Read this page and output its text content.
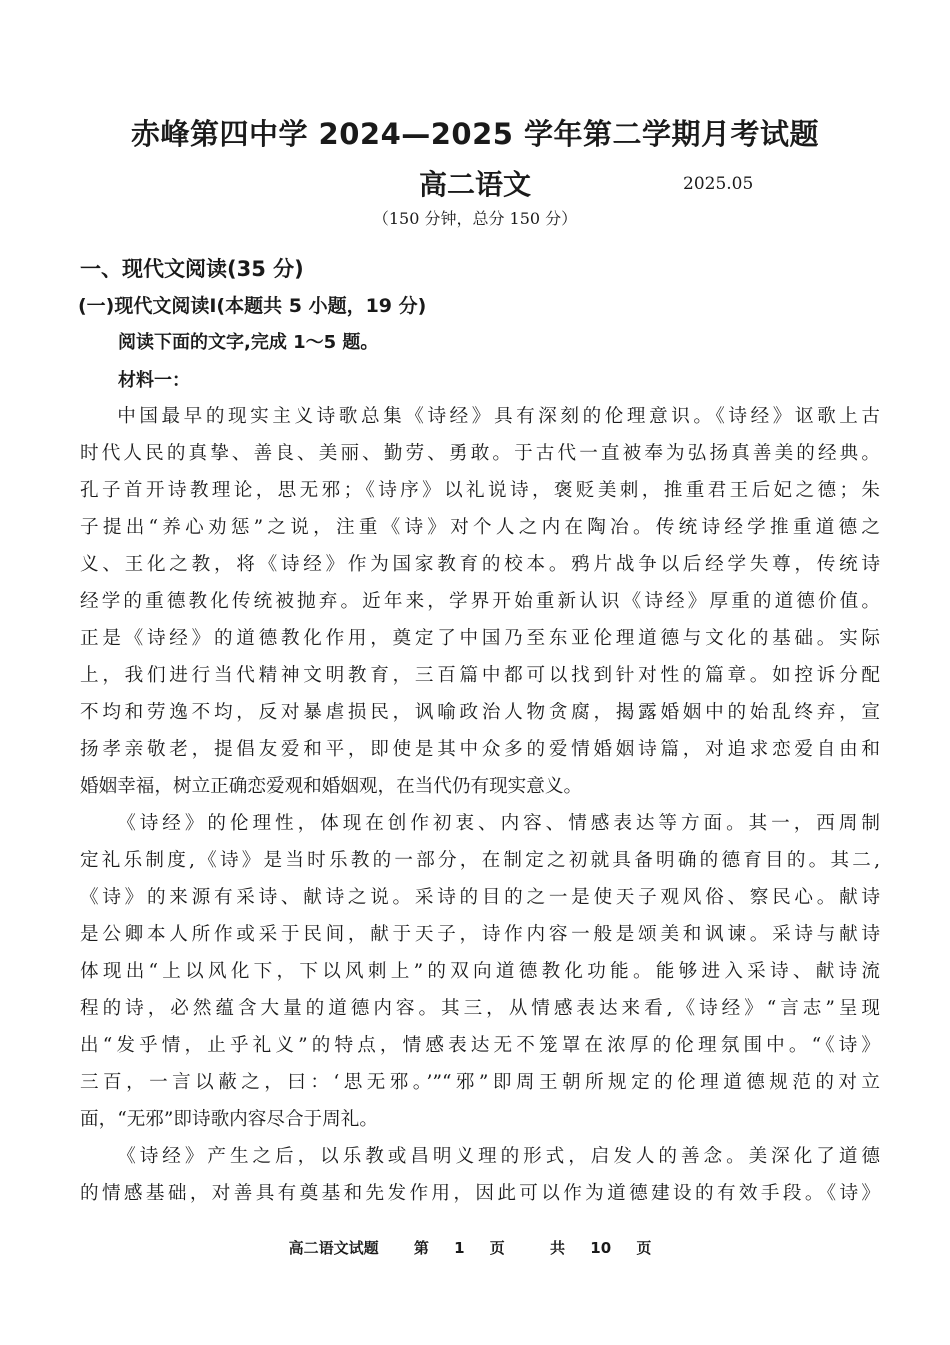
赤峰第四中学 2024—2025 学年第二学期月考试题
高二语文	2025.05
（150 分钟，总分 150 分）
一、现代文阅读(35 分)
(一)现代文阅读Ⅰ(本题共 5 小题，19 分)
阅读下面的文字,完成 1～5 题。
材料一：
中国最早的现实主义诗歌总集《诗经》具有深刻的伦理意识。《诗经》讴歌上古
时代人民的真挚、善良、美丽、勤劳、勇敢。于古代一直被奉为弘扬真善美的经典。
孔子首开诗教理论，思无邪；《诗序》以礼说诗，褒贬美刺，推重君王后妃之德；朱
子提出“养心劝惩”之说，注重《诗》对个人之内在陶冶。传统诗经学推重道德之
义、王化之教，将《诗经》作为国家教育的校本。鸦片战争以后经学失尊，传统诗
经学的重德教化传统被抛弃。近年来，学界开始重新认识《诗经》厚重的道德价值。
正是《诗经》的道德教化作用，奠定了中国乃至东亚伦理道德与文化的基础。实际
上，我们进行当代精神文明教育，三百篇中都可以找到针对性的篇章。如控诉分配
不均和劳逸不均，反对暴虐损民，讽喻政治人物贪腐，揭露婚姻中的始乱终弃，宣
扬孝亲敬老，提倡友爱和平，即使是其中众多的爱情婚姻诗篇，对追求恋爱自由和
婚姻幸福，树立正确恋爱观和婚姻观，在当代仍有现实意义。
《诗经》的伦理性，体现在创作初衷、内容、情感表达等方面。其一，西周制
定礼乐制度,《诗》是当时乐教的一部分，在制定之初就具备明确的德育目的。其二,
《诗》的来源有采诗、献诗之说。采诗的目的之一是使天子观风俗、察民心。献诗
是公卿本人所作或采于民间，献于天子，诗作内容一般是颂美和讽谏。采诗与献诗
体现出“上以风化下，下以风刺上”的双向道德教化功能。能够进入采诗、献诗流
程的诗，必然蕴含大量的道德内容。其三，从情感表达来看,《诗经》“言志”呈现
出“发乎情，止乎礼义”的特点，情感表达无不笼罩在浓厚的伦理氛围中。“《诗》
三百，一言以蔽之，曰：‘思无邪。’”“邪”即周王朝所规定的伦理道德规范的对立
面，“无邪”即诗歌内容尽合于周礼。
《诗经》产生之后，以乐教或昌明义理的形式，启发人的善念。美深化了道德
的情感基础，对善具有奠基和先发作用，因此可以作为道德建设的有效手段。《诗》
高二语文试题 第 1 页	共 10 页
